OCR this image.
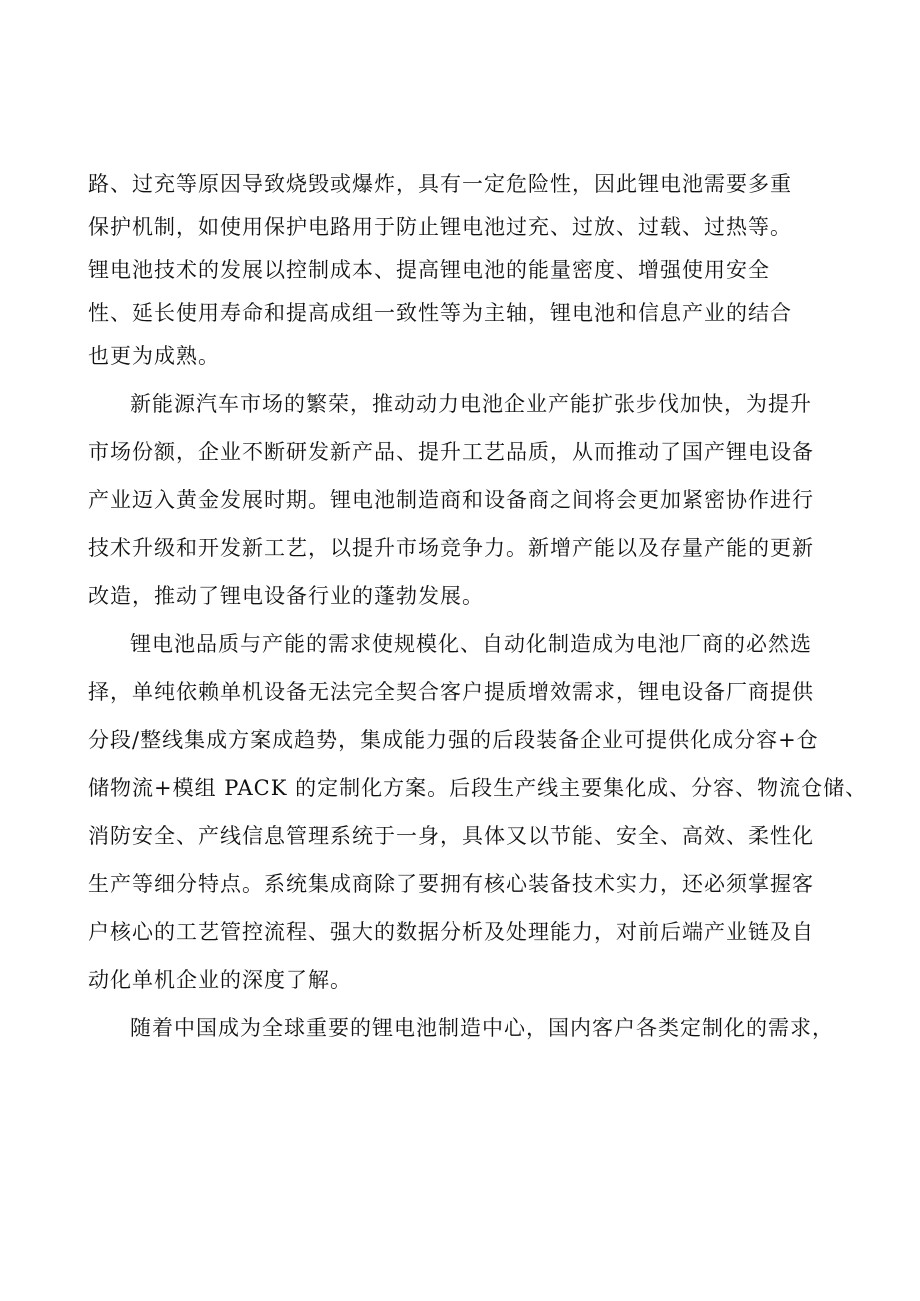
路、过充等原因导致烧毁或爆炸，具有一定危险性，因此锂电池需要多重
保护机制，如使用保护电路用于防止锂电池过充、过放、过载、过热等。
锂电池技术的发展以控制成本、提高锂电池的能量密度、增强使用安全
性、延长使用寿命和提高成组一致性等为主轴，锂电池和信息产业的结合
也更为成熟。
新能源汽车市场的繁荣，推动动力电池企业产能扩张步伐加快，为提升
市场份额，企业不断研发新产品、提升工艺品质，从而推动了国产锂电设备
产业迈入黄金发展时期。锂电池制造商和设备商之间将会更加紧密协作进行
技术升级和开发新工艺，以提升市场竞争力。新增产能以及存量产能的更新
改造，推动了锂电设备行业的蓬勃发展。
锂电池品质与产能的需求使规模化、自动化制造成为电池厂商的必然选
择，单纯依赖单机设备无法完全契合客户提质增效需求，锂电设备厂商提供
分段/整线集成方案成趋势，集成能力强的后段装备企业可提供化成分容+仓
储物流+模组 PACK 的定制化方案。后段生产线主要集化成、分容、物流仓储、
消防安全、产线信息管理系统于一身，具体又以节能、安全、高效、柔性化
生产等细分特点。系统集成商除了要拥有核心装备技术实力，还必须掌握客
户核心的工艺管控流程、强大的数据分析及处理能力，对前后端产业链及自
动化单机企业的深度了解。
随着中国成为全球重要的锂电池制造中心，国内客户各类定制化的需求，
